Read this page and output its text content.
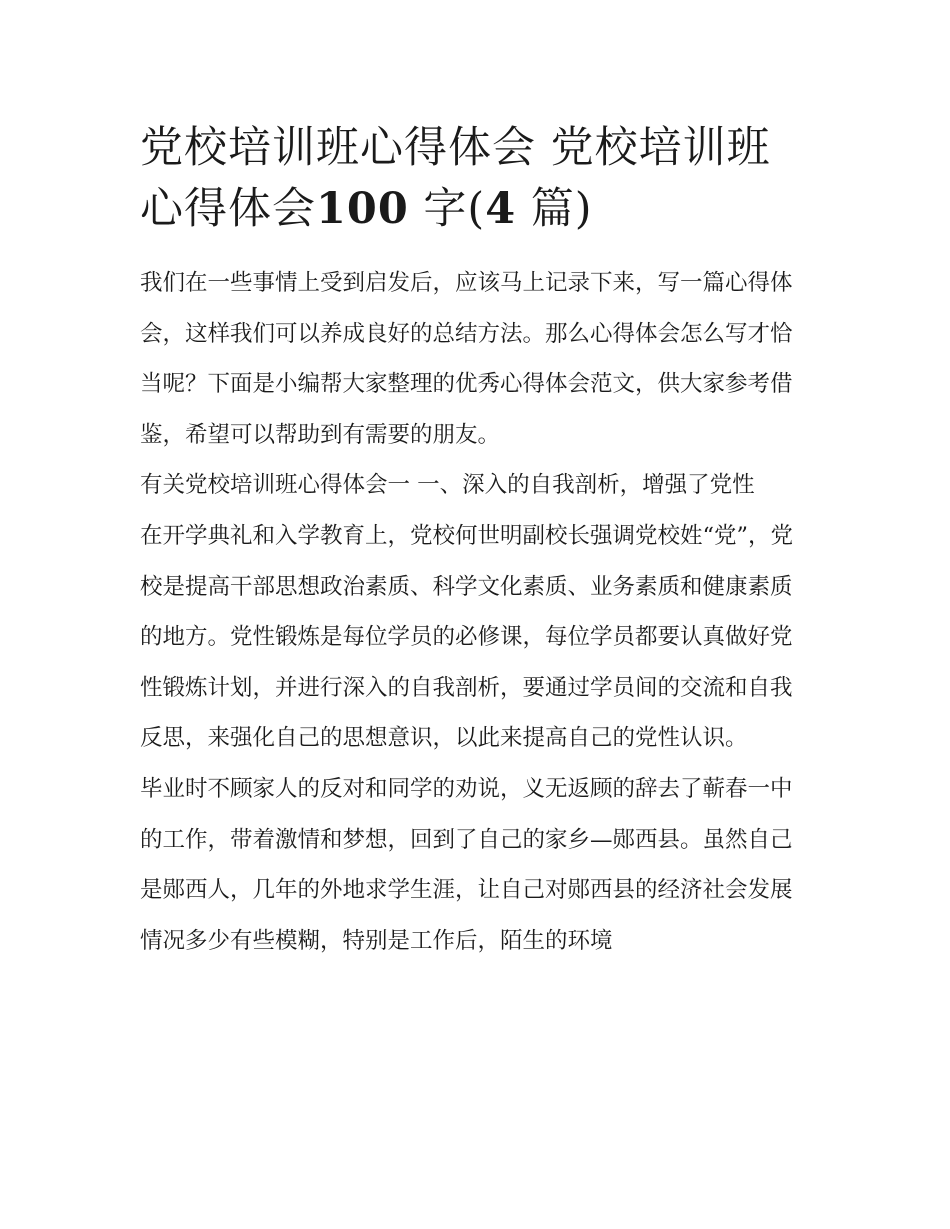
党校培训班心得体会 党校培训班心得体会100 字(4 篇)

我们在一些事情上受到启发后，应该马上记录下来，写一篇心得体会，这样我们可以养成良好的总结方法。那么心得体会怎么写才恰当呢？下面是小编帮大家整理的优秀心得体会范文，供大家参考借鉴，希望可以帮助到有需要的朋友。

有关党校培训班心得体会一 一、深入的自我剖析，增强了党性

在开学典礼和入学教育上，党校何世明副校长强调党校姓“党”，党校是提高干部思想政治素质、科学文化素质、业务素质和健康素质的地方。党性锻炼是每位学员的必修课，每位学员都要认真做好党性锻炼计划，并进行深入的自我剖析，要通过学员间的交流和自我反思，来强化自己的思想意识，以此来提高自己的党性认识。

毕业时不顾家人的反对和同学的劝说，义无返顾的辞去了蕲春一中的工作，带着激情和梦想，回到了自己的家乡—郧西县。虽然自己是郧西人，几年的外地求学生涯，让自己对郧西县的经济社会发展情况多少有些模糊，特别是工作后，陌生的环境
